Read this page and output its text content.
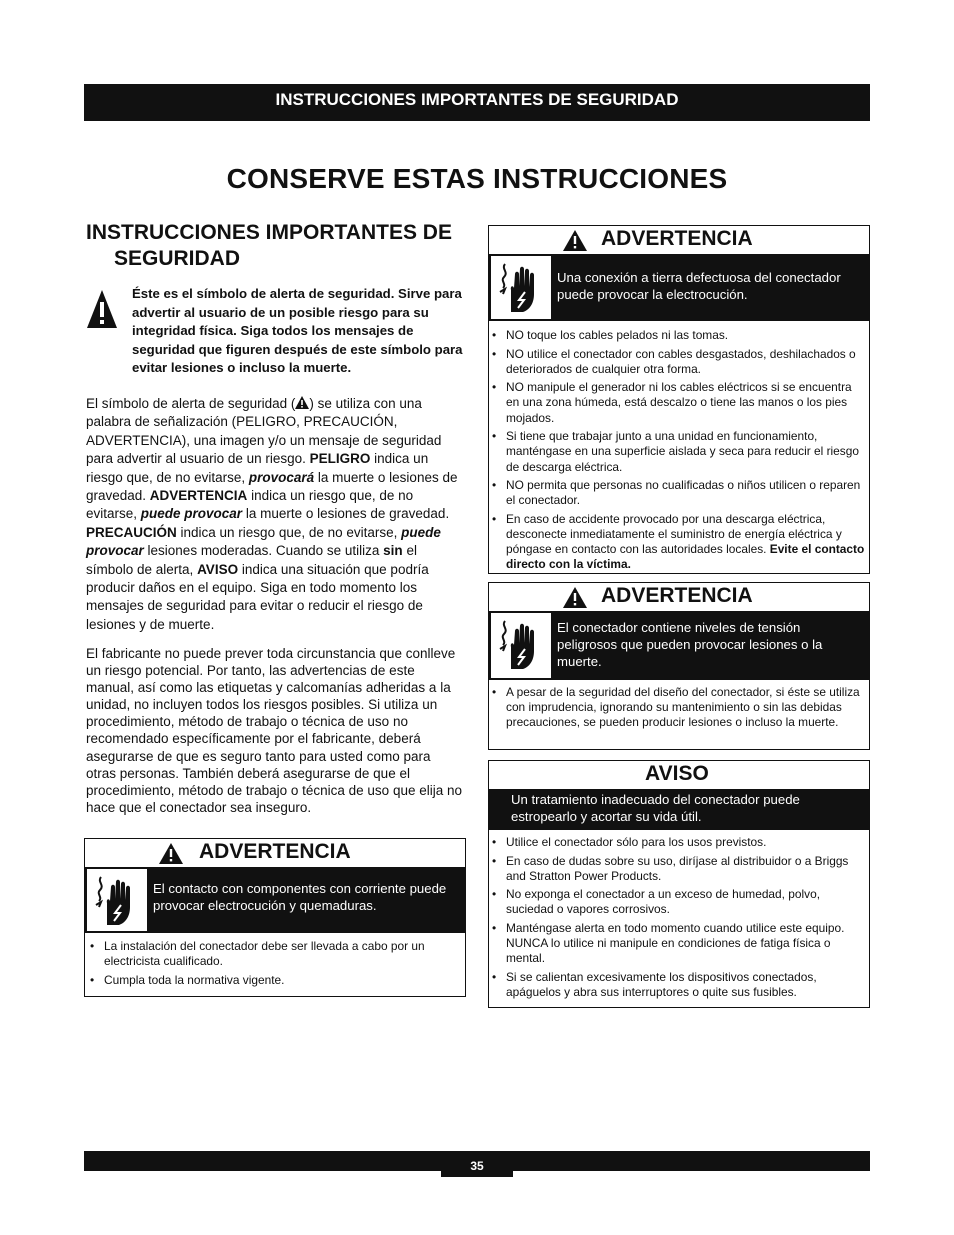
INSTRUCCIONES IMPORTANTES DE SEGURIDAD
CONSERVE ESTAS INSTRUCCIONES
INSTRUCCIONES IMPORTANTES DE
SEGURIDAD

Éste es el símbolo de alerta de seguridad. Sirve para advertir al usuario de un posible riesgo para su integridad física. Siga todos los mensajes de seguridad que figuren después de este símbolo para evitar lesiones o incluso la muerte.

El símbolo de alerta de seguridad ( ) se utiliza con una palabra de señalización (PELIGRO, PRECAUCIÓN, ADVERTENCIA), una imagen y/o un mensaje de seguridad para advertir al usuario de un riesgo. PELIGRO indica un riesgo que, de no evitarse, provocará la muerte o lesiones de gravedad. ADVERTENCIA indica un riesgo que, de no evitarse, puede provocar la muerte o lesiones de gravedad. PRECAUCIÓN indica un riesgo que, de no evitarse, puede provocar lesiones moderadas. Cuando se utiliza sin el símbolo de alerta, AVISO indica una situación que podría producir daños en el equipo. Siga en todo momento los mensajes de seguridad para evitar o reducir el riesgo de lesiones y de muerte.

El fabricante no puede prever toda circunstancia que conlleve un riesgo potencial. Por tanto, las advertencias de este manual, así como las etiquetas y calcomanías adheridas a la unidad, no incluyen todos los riesgos posibles. Si utiliza un procedimiento, método de trabajo o técnica de uso no recomendado específicamente por el fabricante, deberá asegurarse de que es seguro tanto para usted como para otras personas. También deberá asegurarse de que el procedimiento, método de trabajo o técnica de uso que elija no hace que el conectador sea inseguro.

ADVERTENCIA
El contacto con componentes con corriente puede provocar electrocución y quemaduras.
• La instalación del conectador debe ser llevada a cabo por un electricista cualificado.
• Cumpla toda la normativa vigente.
ADVERTENCIA
Una conexión a tierra defectuosa del conectador puede provocar la electrocución.
• NO toque los cables pelados ni las tomas.
• NO utilice el conectador con cables desgastados, deshilachados o deteriorados de cualquier otra forma.
• NO manipule el generador ni los cables eléctricos si se encuentra en una zona húmeda, está descalzo o tiene las manos o los pies mojados.
• Si tiene que trabajar junto a una unidad en funcionamiento, manténgase en una superficie aislada y seca para reducir el riesgo de descarga eléctrica.
• NO permita que personas no cualificadas o niños utilicen o reparen el conectador.
• En caso de accidente provocado por una descarga eléctrica, desconecte inmediatamente el suministro de energía eléctrica y póngase en contacto con las autoridades locales. Evite el contacto directo con la víctima.
ADVERTENCIA
El conectador contiene niveles de tensión peligrosos que pueden provocar lesiones o la muerte.
• A pesar de la seguridad del diseño del conectador, si éste se utiliza con imprudencia, ignorando su mantenimiento o sin las debidas precauciones, se pueden producir lesiones o incluso la muerte.
AVISO
Un tratamiento inadecuado del conectador puede estropearlo y acortar su vida útil.
• Utilice el conectador sólo para los usos previstos.
• En caso de dudas sobre su uso, diríjase al distribuidor o a Briggs and Stratton Power Products.
• No exponga el conectador a un exceso de humedad, polvo, suciedad o vapores corrosivos.
• Manténgase alerta en todo momento cuando utilice este equipo. NUNCA lo utilice ni manipule en condiciones de fatiga física o mental.
• Si se calientan excesivamente los dispositivos conectados, apáguelos y abra sus interruptores o quite sus fusibles.
35
